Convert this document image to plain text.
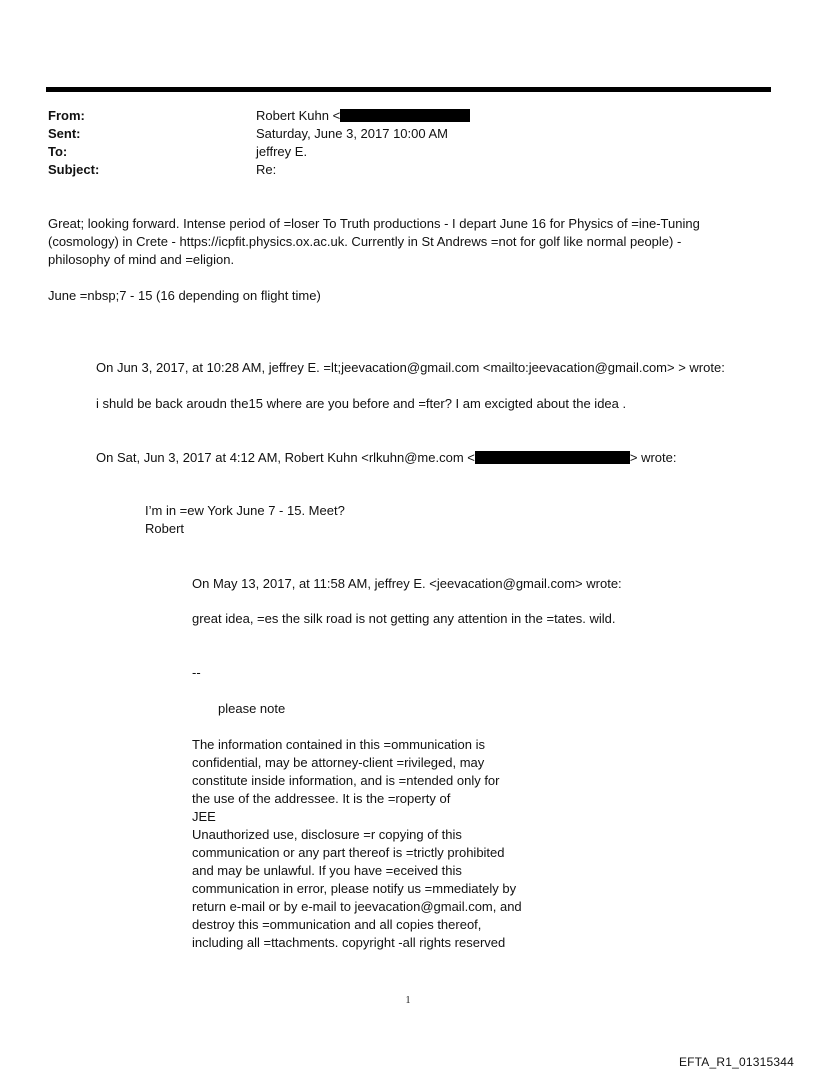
From:	Robert Kuhn <
Sent:	Saturday, June 3, 2017 10:00 AM
To:	jeffrey E.
Subject:	Re:
Great; looking forward. Intense period of =loser To Truth productions - I depart June 16 for Physics of =ine-Tuning
(cosmology) in Crete - https://icpfit.physics.ox.ac.uk. Currently in St Andrews =not for golf like normal people) -
philosophy of mind and =eligion.
June =nbsp;7 - 15 (16 depending on flight time)
On Jun 3, 2017, at 10:28 AM, jeffrey E. =lt;jeevacation@gmail.com <mailto:jeevacation@gmail.com> > wrote:
i shuld be back aroudn the15 where are you before and =fter? I am excigted about the idea .
On Sat, Jun 3, 2017 at 4:12 AM, Robert Kuhn <rlkuhn@me.com <	> wrote:
I’m in =ew York June 7 - 15. Meet?
Robert
On May 13, 2017, at 11:58 AM, jeffrey E. <jeevacation@gmail.com> wrote:
great idea, =es the silk road is not getting any attention in the =tates. wild.
--
please note
The information contained in this =ommunication is
confidential, may be attorney-client =rivileged, may
constitute inside information, and is =ntended only for
the use of the addressee. It is the =roperty of
JEE
Unauthorized use, disclosure =r copying of this
communication or any part thereof is =trictly prohibited
and may be unlawful. If you have =eceived this
communication in error, please notify us =mmediately by
return e-mail or by e-mail to jeevacation@gmail.com, and
destroy this =ommunication and all copies thereof,
including all =ttachments. copyright -all rights reserved
1
EFTA_R1_01315344
